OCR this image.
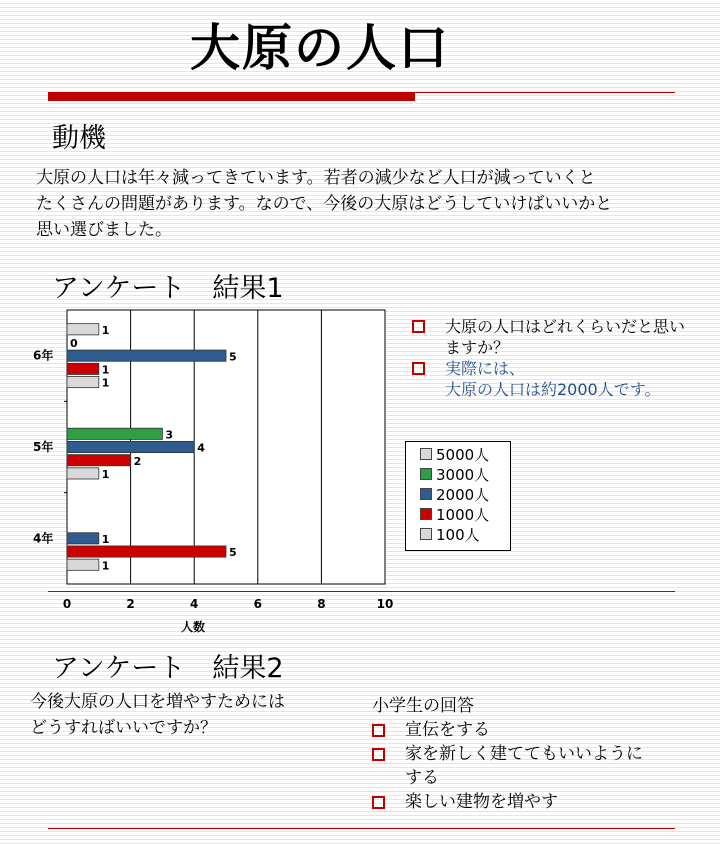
大原の人口
動機
大原の人口は年々減ってきています。若者の減少など人口が減っていくと
たくさんの問題があります。なので、今後の大原はどうしていけばいいかと
思い選びました。
アンケート　結果1
0	2	4	6	8	10
人数
4年	1
5
1
5年
3
4
2
1
6年
1
0
5
1
1
大原の人口はどれくらいだと思い
ますか？
実際には、
大原の人口は約2000人です。
5000人
3000人
2000人
1000人
100人
アンケート　結果2
今後大原の人口を増やすためには
どうすればいいですか？
小学生の回答
宣伝をする
家を新しく建ててもいいように
する
楽しい建物を増やす
